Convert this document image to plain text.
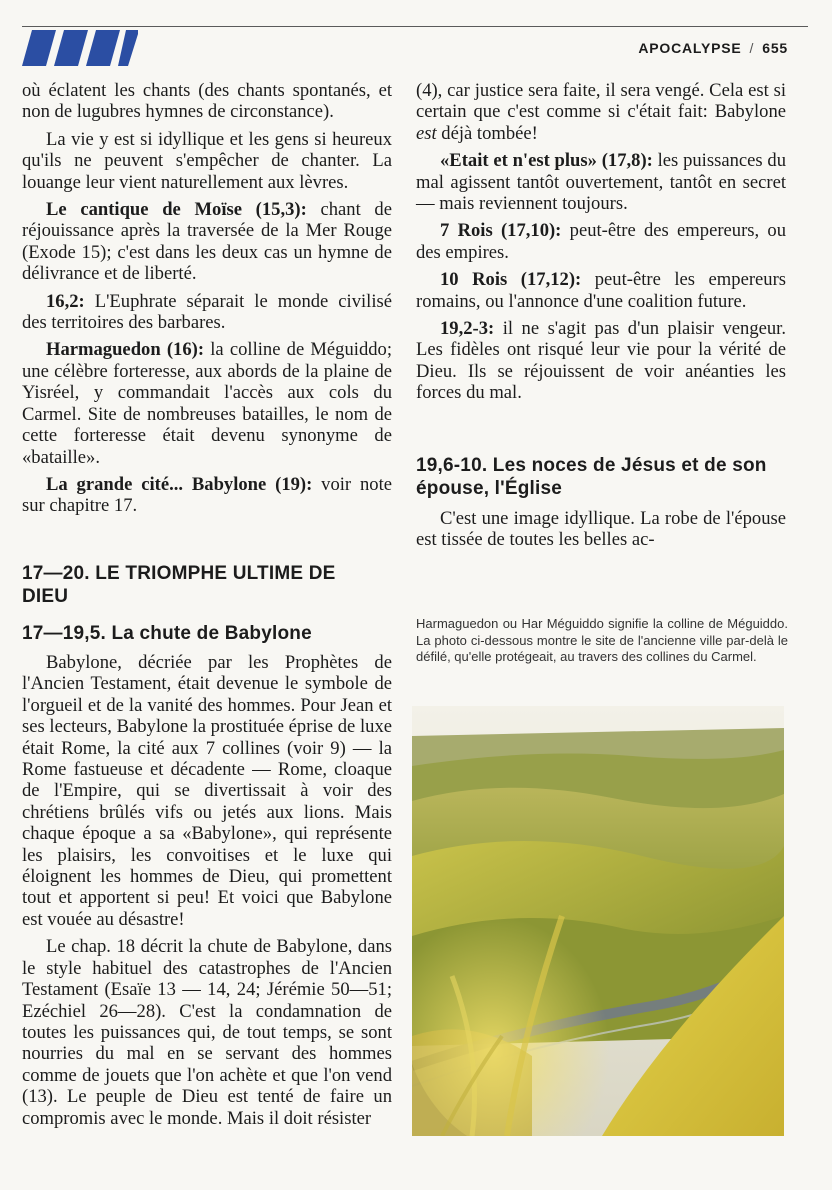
APOCALYPSE / 655

où éclatent les chants (des chants spontanés, et non de lugubres hymnes de circonstance).

La vie y est si idyllique et les gens si heureux qu'ils ne peuvent s'empêcher de chanter. La louange leur vient naturellement aux lèvres.

Le cantique de Moïse (15,3): chant de réjouissance après la traversée de la Mer Rouge (Exode 15); c'est dans les deux cas un hymne de délivrance et de liberté.

16,2: L'Euphrate séparait le monde civilisé des territoires des barbares.

Harmaguedon (16): la colline de Méguiddo; une célèbre forteresse, aux abords de la plaine de Yisréel, y commandait l'accès aux cols du Carmel. Site de nombreuses batailles, le nom de cette forteresse était devenu synonyme de «bataille».

La grande cité... Babylone (19): voir note sur chapitre 17.

17—20. LE TRIOMPHE ULTIME DE DIEU
17—19,5. La chute de Babylone

Babylone, décriée par les Prophètes de l'Ancien Testament, était devenue le symbole de l'orgueil et de la vanité des hommes. Pour Jean et ses lecteurs, Babylone la prostituée éprise de luxe était Rome, la cité aux 7 collines (voir 9) — la Rome fastueuse et décadente — Rome, cloaque de l'Empire, qui se divertissait à voir des chrétiens brûlés vifs ou jetés aux lions. Mais chaque époque a sa «Babylone», qui représente les plaisirs, les convoitises et le luxe qui éloignent les hommes de Dieu, qui promettent tout et apportent si peu! Et voici que Babylone est vouée au désastre!

Le chap. 18 décrit la chute de Babylone, dans le style habituel des catastrophes de l'Ancien Testament (Esaïe 13 — 14, 24; Jérémie 50—51; Ezéchiel 26—28). C'est la condamnation de toutes les puissances qui, de tout temps, se sont nourries du mal en se servant des hommes comme de jouets que l'on achète et que l'on vend (13). Le peuple de Dieu est tenté de faire un compromis avec le monde. Mais il doit résister

(4), car justice sera faite, il sera vengé. Cela est si certain que c'est comme si c'était fait: Babylone est déjà tombée!

«Etait et n'est plus» (17,8): les puissances du mal agissent tantôt ouvertement, tantôt en secret — mais reviennent toujours.

7 Rois (17,10): peut-être des empereurs, ou des empires.

10 Rois (17,12): peut-être les empereurs romains, ou l'annonce d'une coalition future.

19,2-3: il ne s'agit pas d'un plaisir vengeur. Les fidèles ont risqué leur vie pour la vérité de Dieu. Ils se réjouissent de voir anéanties les forces du mal.

19,6-10. Les noces de Jésus et de son épouse, l'Église

C'est une image idyllique. La robe de l'épouse est tissée de toutes les belles ac-

Harmaguedon ou Har Méguiddo signifie la colline de Méguiddo. La photo ci-dessous montre le site de l'ancienne ville par-delà le défilé, qu'elle protégeait, au travers des collines du Carmel.
